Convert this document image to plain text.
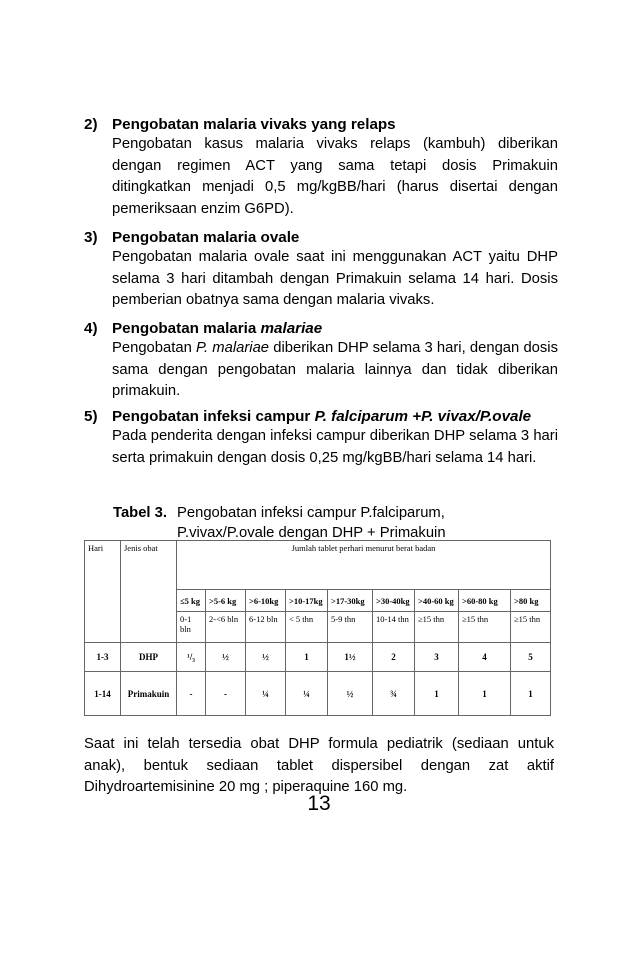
2) Pengobatan malaria vivaks yang relaps

Pengobatan kasus malaria vivaks relaps (kambuh) diberikan dengan regimen ACT yang sama tetapi dosis Primakuin ditingkatkan menjadi 0,5 mg/kgBB/hari (harus disertai dengan pemeriksaan enzim G6PD).

3) Pengobatan malaria ovale

Pengobatan malaria ovale saat ini menggunakan ACT yaitu DHP selama 3 hari ditambah dengan Primakuin selama 14 hari. Dosis pemberian obatnya sama dengan malaria vivaks.

4) Pengobatan malaria malariae

Pengobatan P. malariae diberikan DHP selama 3 hari, dengan dosis sama dengan pengobatan malaria lainnya dan tidak diberikan primakuin.

5) Pengobatan infeksi campur P. falciparum +P. vivax/P.ovale

Pada penderita dengan infeksi campur diberikan DHP selama 3 hari serta primakuin dengan dosis 0,25 mg/kgBB/hari selama 14 hari.

Tabel 3. Pengobatan infeksi campur P.falciparum,
P.vivax/P.ovale dengan DHP + Primakuin
Hari	Jenis obat	Jumlah tablet perhari menurut berat badan								
		≤5 kg	>5-6 kg	>6-10kg	>10-17kg	>17-30kg	>30-40kg	>40-60 kg	>60-80 kg	>80 kg
		0-1 bln	2-<6 bln	6-12 bln	< 5 thn	5-9 thn	10-14 thn	≥15 thn	≥15 thn	≥15 thn
1-3	DHP	¹/₃	½	½	1	1½	2	3	4	5
1-14	Primakuin	-	-	¼	¼	½	¾	1	1	1

Saat ini telah tersedia obat DHP formula pediatrik (sediaan untuk anak), bentuk sediaan tablet dispersibel dengan zat aktif Dihydroartemisinine 20 mg ; piperaquine 160 mg.

13
